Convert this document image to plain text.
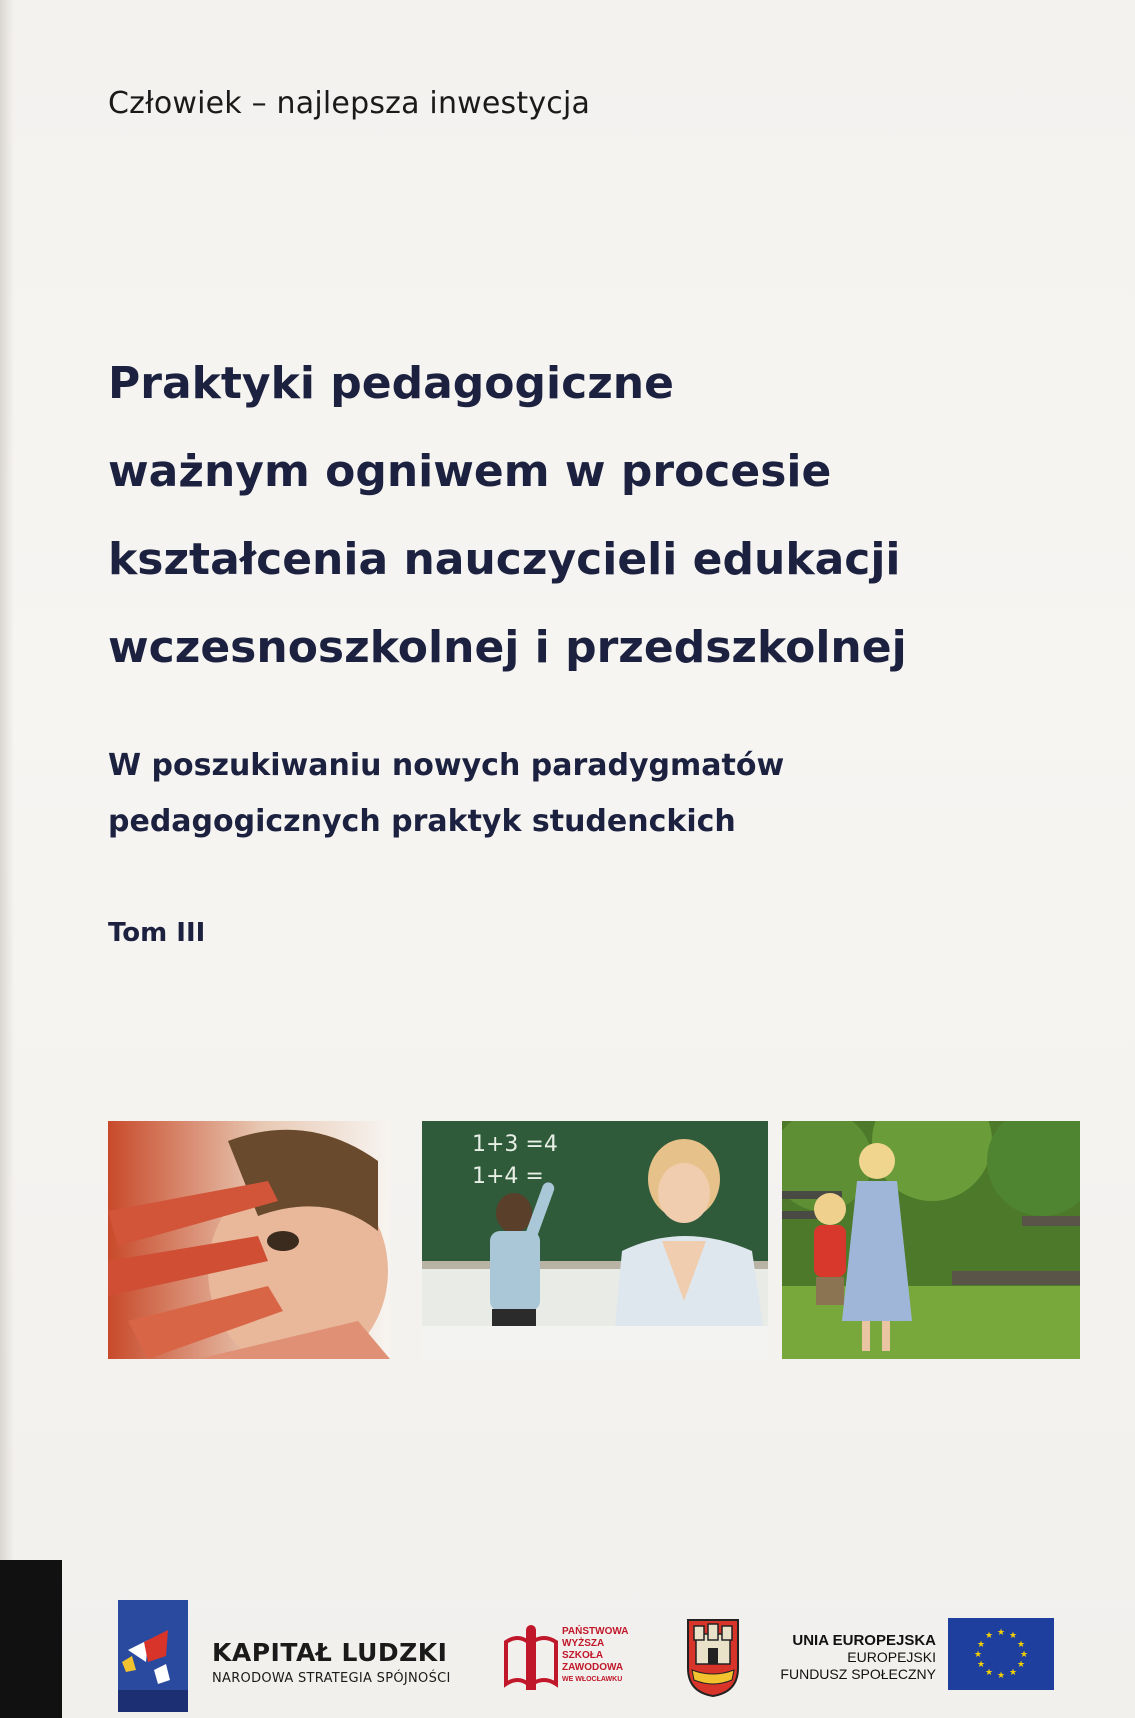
Człowiek – najlepsza inwestycja
Praktyki pedagogiczne
ważnym ogniwem w procesie
kształcenia nauczycieli edukacji
wczesnoszkolnej i przedszkolnej
W poszukiwaniu nowych paradygmatów
pedagogicznych praktyk studenckich
Tom III
1+3 =4
1+4 =
KAPITAŁ LUDZKI
NARODOWA STRATEGIA SPÓJNOŚCI
PAŃSTWOWA
WYŻSZA
SZKOŁA
ZAWODOWA
WE WŁOCŁAWKU
UNIA EUROPEJSKA
EUROPEJSKI
FUNDUSZ SPOŁECZNY
★ ★
★
★
★
★
★
★
★
★
★
★
